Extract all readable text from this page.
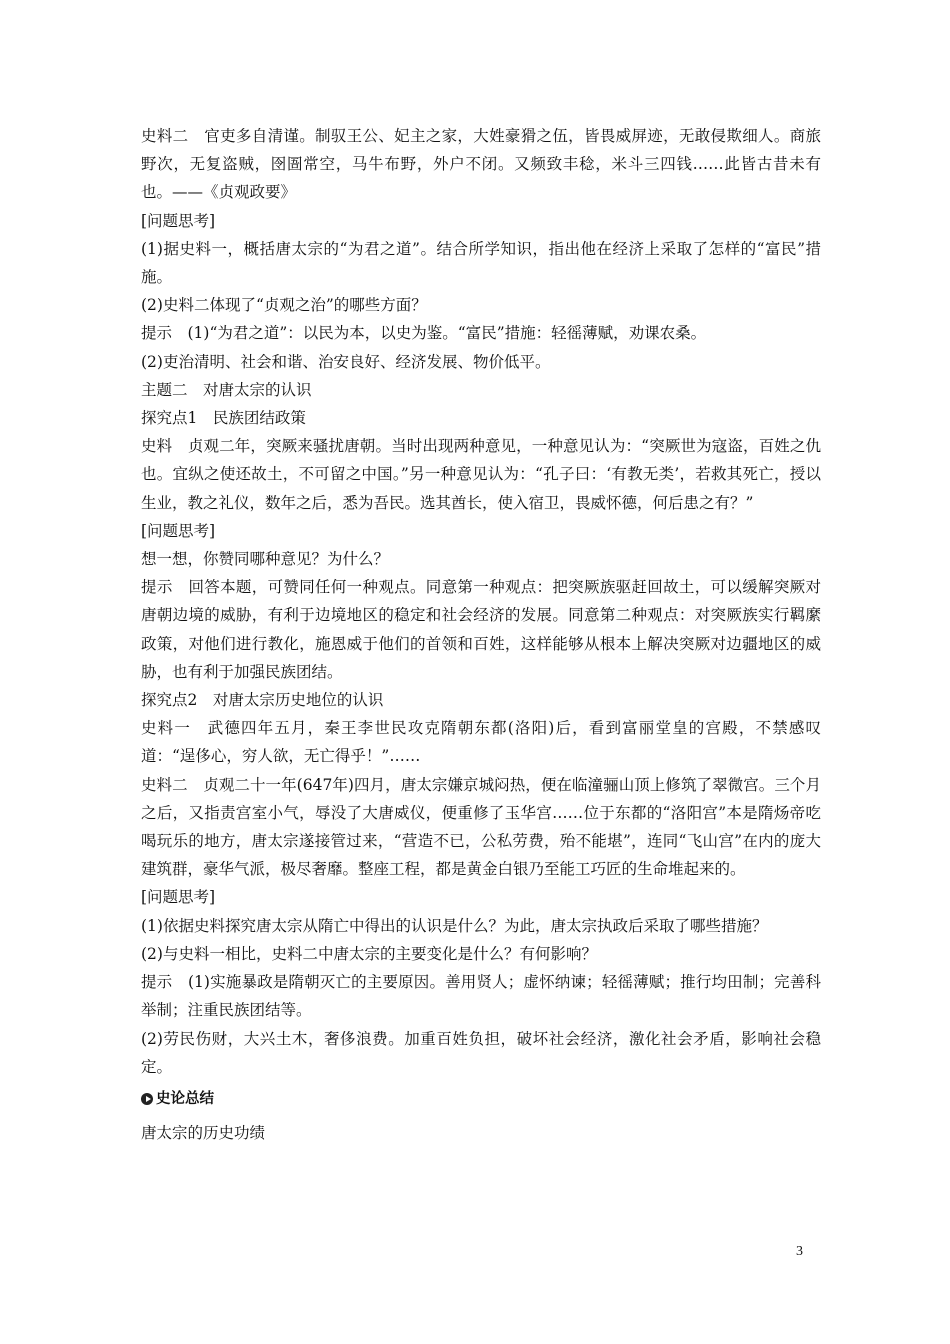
史料二　官吏多自清谨。制驭王公、妃主之家，大姓豪猾之伍，皆畏威屏迹，无敢侵欺细人。商旅野次，无复盗贼，囹圄常空，马牛布野，外户不闭。又频致丰稔，米斗三四钱……此皆古昔未有也。——《贞观政要》

[问题思考]

(1)据史料一，概括唐太宗的“为君之道”。结合所学知识，指出他在经济上采取了怎样的“富民”措施。

(2)史料二体现了“贞观之治”的哪些方面？

提示　(1)“为君之道”：以民为本，以史为鉴。“富民”措施：轻徭薄赋，劝课农桑。

(2)吏治清明、社会和谐、治安良好、经济发展、物价低平。

主题二　对唐太宗的认识

探究点1　民族团结政策

史料　贞观二年，突厥来骚扰唐朝。当时出现两种意见，一种意见认为：“突厥世为寇盗，百姓之仇也。宜纵之使还故土，不可留之中国。”另一种意见认为：“孔子曰：‘有教无类’，若救其死亡，授以生业，教之礼仪，数年之后，悉为吾民。选其酋长，使入宿卫，畏威怀德，何后患之有？”

[问题思考]

想一想，你赞同哪种意见？为什么？

提示　回答本题，可赞同任何一种观点。同意第一种观点：把突厥族驱赶回故土，可以缓解突厥对唐朝边境的威胁，有利于边境地区的稳定和社会经济的发展。同意第二种观点：对突厥族实行羁縻政策，对他们进行教化，施恩威于他们的首领和百姓，这样能够从根本上解决突厥对边疆地区的威胁，也有利于加强民族团结。

探究点2　对唐太宗历史地位的认识

史料一　武德四年五月，秦王李世民攻克隋朝东都(洛阳)后，看到富丽堂皇的宫殿，不禁感叹道：“逞侈心，穷人欲，无亡得乎！”……

史料二　贞观二十一年(647年)四月，唐太宗嫌京城闷热，便在临潼骊山顶上修筑了翠微宫。三个月之后，又指责宫室小气，辱没了大唐威仪，便重修了玉华宫……位于东都的“洛阳宫”本是隋炀帝吃喝玩乐的地方，唐太宗遂接管过来，“营造不已，公私劳费，殆不能堪”，连同“飞山宫”在内的庞大建筑群，豪华气派，极尽奢靡。整座工程，都是黄金白银乃至能工巧匠的生命堆起来的。

[问题思考]

(1)依据史料探究唐太宗从隋亡中得出的认识是什么？为此，唐太宗执政后采取了哪些措施？

(2)与史料一相比，史料二中唐太宗的主要变化是什么？有何影响？

提示　(1)实施暴政是隋朝灭亡的主要原因。善用贤人；虚怀纳谏；轻徭薄赋；推行均田制；完善科举制；注重民族团结等。

(2)劳民伤财，大兴土木，奢侈浪费。加重百姓负担，破坏社会经济，激化社会矛盾，影响社会稳定。

史论总结

唐太宗的历史功绩

3
